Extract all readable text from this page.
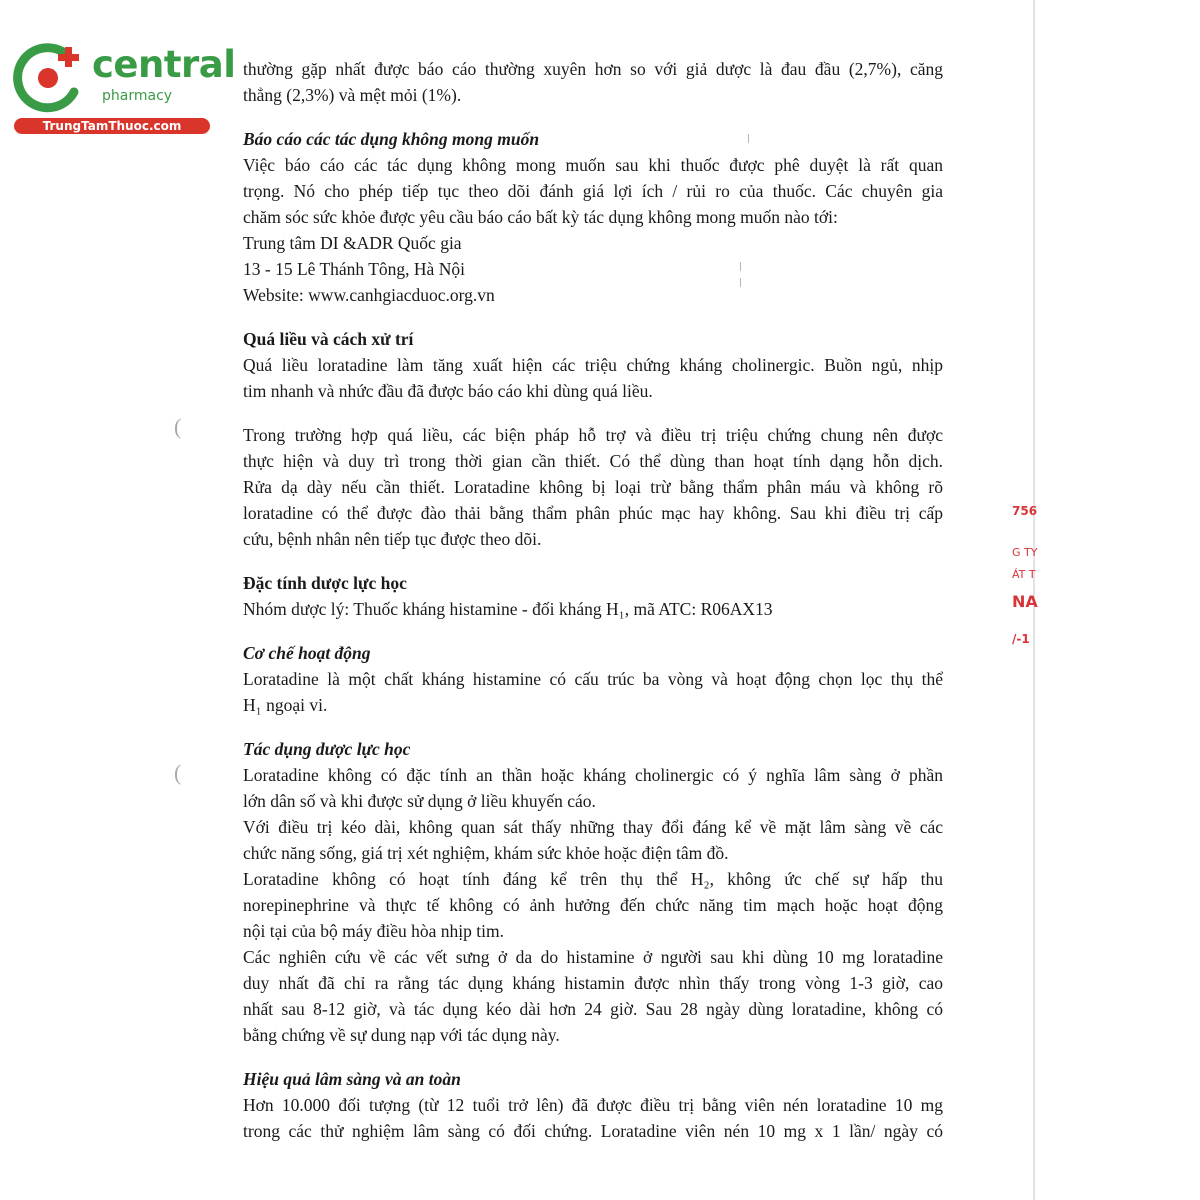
central
pharmacy
TrungTamThuoc.com

thường gặp nhất được báo cáo thường xuyên hơn so với giả dược là đau đầu (2,7%), căng

thẳng (2,3%) và mệt mỏi (1%).

Báo cáo các tác dụng không mong muốn

Việc báo cáo các tác dụng không mong muốn sau khi thuốc được phê duyệt là rất quan

trọng. Nó cho phép tiếp tục theo dõi đánh giá lợi ích / rủi ro của thuốc. Các chuyên gia

chăm sóc sức khỏe được yêu cầu báo cáo bất kỳ tác dụng không mong muốn nào tới:

Trung tâm DI &ADR Quốc gia

13 - 15 Lê Thánh Tông, Hà Nội

Website: www.canhgiacduoc.org.vn

Quá liều và cách xử trí

Quá liều loratadine làm tăng xuất hiện các triệu chứng kháng cholinergic. Buồn ngủ, nhịp

tim nhanh và nhức đầu đã được báo cáo khi dùng quá liều.

Trong trường hợp quá liều, các biện pháp hỗ trợ và điều trị triệu chứng chung nên được

thực hiện và duy trì trong thời gian cần thiết. Có thể dùng than hoạt tính dạng hỗn dịch.

Rửa dạ dày nếu cần thiết. Loratadine không bị loại trừ bằng thẩm phân máu và không rõ

loratadine có thể được đào thải bằng thẩm phân phúc mạc hay không. Sau khi điều trị cấp

cứu, bệnh nhân nên tiếp tục được theo dõi.

Đặc tính dược lực học

Nhóm dược lý: Thuốc kháng histamine - đối kháng H₁, mã ATC: R06AX13

Cơ chế hoạt động

Loratadine là một chất kháng histamine có cấu trúc ba vòng và hoạt động chọn lọc thụ thể

H₁ ngoại vi.

Tác dụng dược lực học

Loratadine không có đặc tính an thần hoặc kháng cholinergic có ý nghĩa lâm sàng ở phần

lớn dân số và khi được sử dụng ở liều khuyến cáo.

Với điều trị kéo dài, không quan sát thấy những thay đổi đáng kể về mặt lâm sàng về các

chức năng sống, giá trị xét nghiệm, khám sức khỏe hoặc điện tâm đồ.

Loratadine không có hoạt tính đáng kể trên thụ thể H₂, không ức chế sự hấp thu

norepinephrine và thực tế không có ảnh hưởng đến chức năng tim mạch hoặc hoạt động

nội tại của bộ máy điều hòa nhịp tim.

Các nghiên cứu về các vết sưng ở da do histamine ở người sau khi dùng 10 mg loratadine

duy nhất đã chỉ ra rằng tác dụng kháng histamin được nhìn thấy trong vòng 1-3 giờ, cao

nhất sau 8-12 giờ, và tác dụng kéo dài hơn 24 giờ. Sau 28 ngày dùng loratadine, không có

bằng chứng về sự dung nạp với tác dụng này.

Hiệu quả lâm sàng và an toàn

Hơn 10.000 đối tượng (từ 12 tuổi trở lên) đã được điều trị bằng viên nén loratadine 10 mg

trong các thử nghiệm lâm sàng có đối chứng. Loratadine viên nén 10 mg x 1 lần/ ngày có

(
(
756
G TY
ÁT T
NA
/-1
